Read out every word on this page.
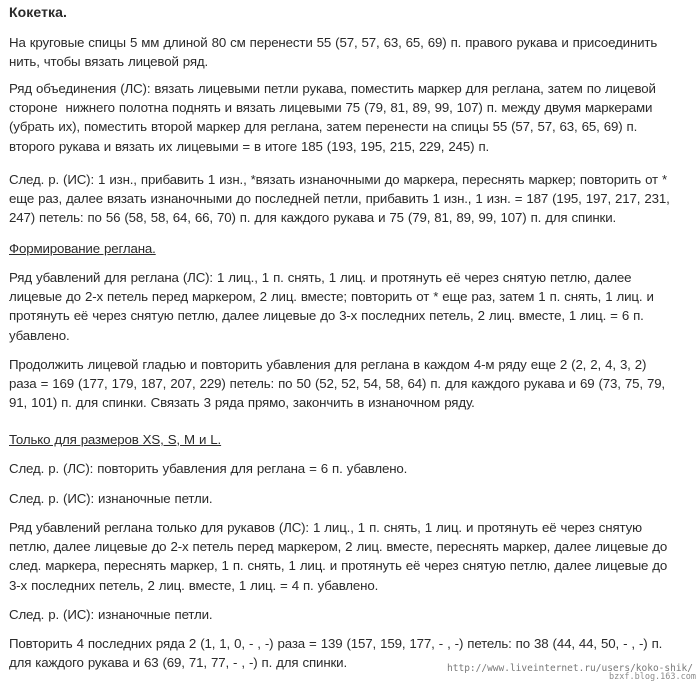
Кокетка.
На круговые спицы 5 мм длиной 80 см перенести 55 (57, 57, 63, 65, 69) п. правого рукава и присоединить
нить, чтобы вязать лицевой ряд.
Ряд объединения (ЛС): вязать лицевыми петли рукава, поместить маркер для реглана, затем по лицевой
стороне  нижнего полотна поднять и вязать лицевыми 75 (79, 81, 89, 99, 107) п. между двумя маркерами
(убрать их), поместить второй маркер для реглана, затем перенести на спицы 55 (57, 57, 63, 65, 69) п.
второго рукава и вязать их лицевыми = в итоге 185 (193, 195, 215, 229, 245) п.
След. р. (ИС): 1 изн., прибавить 1 изн., *вязать изнаночными до маркера, переснять маркер; повторить от *
еще раз, далее вязать изнаночными до последней петли, прибавить 1 изн., 1 изн. = 187 (195, 197, 217, 231,
247) петель: по 56 (58, 58, 64, 66, 70) п. для каждого рукава и 75 (79, 81, 89, 99, 107) п. для спинки.
Формирование реглана.
Ряд убавлений для реглана (ЛС): 1 лиц., 1 п. снять, 1 лиц. и протянуть её через снятую петлю, далее
лицевые до 2-х петель перед маркером, 2 лиц. вместе; повторить от * еще раз, затем 1 п. снять, 1 лиц. и
протянуть её через снятую петлю, далее лицевые до 3-х последних петель, 2 лиц. вместе, 1 лиц. = 6 п.
убавлено.
Продолжить лицевой гладью и повторить убавления для реглана в каждом 4-м ряду еще 2 (2, 2, 4, 3, 2)
раза = 169 (177, 179, 187, 207, 229) петель: по 50 (52, 52, 54, 58, 64) п. для каждого рукава и 69 (73, 75, 79,
91, 101) п. для спинки. Связать 3 ряда прямо, закончить в изнаночном ряду.
Только для размеров XS, S, M и L.
След. р. (ЛС): повторить убавления для реглана = 6 п. убавлено.
След. р. (ИС): изнаночные петли.
Ряд убавлений реглана только для рукавов (ЛС): 1 лиц., 1 п. снять, 1 лиц. и протянуть её через снятую
петлю, далее лицевые до 2-х петель перед маркером, 2 лиц. вместе, переснять маркер, далее лицевые до
след. маркера, переснять маркер, 1 п. снять, 1 лиц. и протянуть её через снятую петлю, далее лицевые до
3-х последних петель, 2 лиц. вместе, 1 лиц. = 4 п. убавлено.
След. р. (ИС): изнаночные петли.
Повторить 4 последних ряда 2 (1, 1, 0, - , -) раза = 139 (157, 159, 177, - , -) петель: по 38 (44, 44, 50, - , -) п.
для каждого рукава и 63 (69, 71, 77, - , -) п. для спинки.	http://www.liveinternet.ru/users/koko-shik/
bzxf.blog.163.com
